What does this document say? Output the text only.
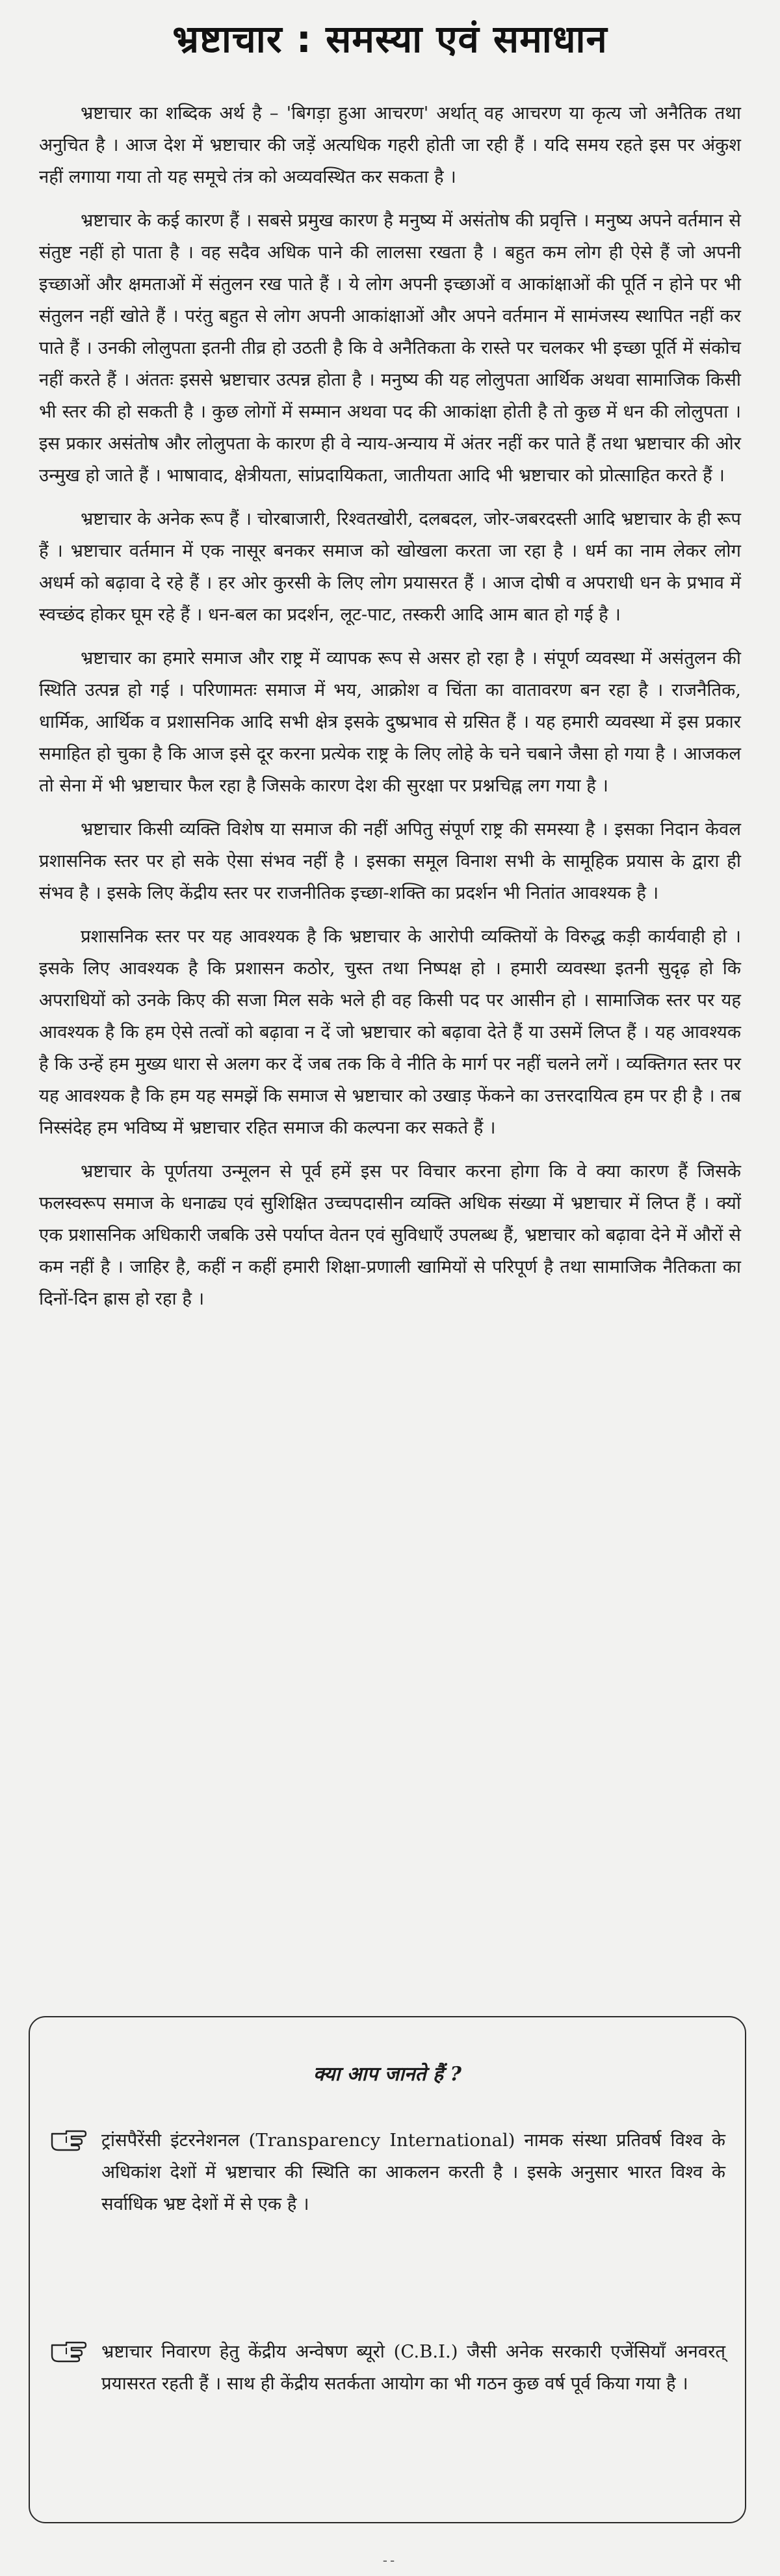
भ्रष्टाचार : समस्या एवं समाधान

भ्रष्टाचार का शब्दिक अर्थ है – 'बिगड़ा हुआ आचरण' अर्थात् वह आचरण या कृत्य जो अनैतिक तथा अनुचित है । आज देश में भ्रष्टाचार की जड़ें अत्यधिक गहरी होती जा रही हैं । यदि समय रहते इस पर अंकुश नहीं लगाया गया तो यह समूचे तंत्र को अव्यवस्थित कर सकता है ।

भ्रष्टाचार के कई कारण हैं । सबसे प्रमुख कारण है मनुष्य में असंतोष की प्रवृत्ति । मनुष्य अपने वर्तमान से संतुष्ट नहीं हो पाता है । वह सदैव अधिक पाने की लालसा रखता है । बहुत कम लोग ही ऐसे हैं जो अपनी इच्छाओं और क्षमताओं में संतुलन रख पाते हैं । ये लोग अपनी इच्छाओं व आकांक्षाओं की पूर्ति न होने पर भी संतुलन नहीं खोते हैं । परंतु बहुत से लोग अपनी आकांक्षाओं और अपने वर्तमान में सामंजस्य स्थापित नहीं कर पाते हैं । उनकी लोलुपता इतनी तीव्र हो उठती है कि वे अनैतिकता के रास्ते पर चलकर भी इच्छा पूर्ति में संकोच नहीं करते हैं । अंततः इससे भ्रष्टाचार उत्पन्न होता है । मनुष्य की यह लोलुपता आर्थिक अथवा सामाजिक किसी भी स्तर की हो सकती है । कुछ लोगों में सम्मान अथवा पद की आकांक्षा होती है तो कुछ में धन की लोलुपता । इस प्रकार असंतोष और लोलुपता के कारण ही वे न्याय-अन्याय में अंतर नहीं कर पाते हैं तथा भ्रष्टाचार की ओर उन्मुख हो जाते हैं । भाषावाद, क्षेत्रीयता, सांप्रदायिकता, जातीयता आदि भी भ्रष्टाचार को प्रोत्साहित करते हैं ।

भ्रष्टाचार के अनेक रूप हैं । चोरबाजारी, रिश्वतखोरी, दलबदल, जोर-जबरदस्ती आदि भ्रष्टाचार के ही रूप हैं । भ्रष्टाचार वर्तमान में एक नासूर बनकर समाज को खोखला करता जा रहा है । धर्म का नाम लेकर लोग अधर्म को बढ़ावा दे रहे हैं । हर ओर कुरसी के लिए लोग प्रयासरत हैं । आज दोषी व अपराधी धन के प्रभाव में स्वच्छंद होकर घूम रहे हैं । धन-बल का प्रदर्शन, लूट-पाट, तस्करी आदि आम बात हो गई है ।

भ्रष्टाचार का हमारे समाज और राष्ट्र में व्यापक रूप से असर हो रहा है । संपूर्ण व्यवस्था में असंतुलन की स्थिति उत्पन्न हो गई । परिणामतः समाज में भय, आक्रोश व चिंता का वातावरण बन रहा है । राजनैतिक, धार्मिक, आर्थिक व प्रशासनिक आदि सभी क्षेत्र इसके दुष्प्रभाव से ग्रसित हैं । यह हमारी व्यवस्था में इस प्रकार समाहित हो चुका है कि आज इसे दूर करना प्रत्येक राष्ट्र के लिए लोहे के चने चबाने जैसा हो गया है । आजकल तो सेना में भी भ्रष्टाचार फैल रहा है जिसके कारण देश की सुरक्षा पर प्रश्नचिह्न लग गया है ।

भ्रष्टाचार किसी व्यक्ति विशेष या समाज की नहीं अपितु संपूर्ण राष्ट्र की समस्या है । इसका निदान केवल प्रशासनिक स्तर पर हो सके ऐसा संभव नहीं है । इसका समूल विनाश सभी के सामूहिक प्रयास के द्वारा ही संभव है । इसके लिए केंद्रीय स्तर पर राजनीतिक इच्छा-शक्ति का प्रदर्शन भी नितांत आवश्यक है ।

प्रशासनिक स्तर पर यह आवश्यक है कि भ्रष्टाचार के आरोपी व्यक्तियों के विरुद्ध कड़ी कार्यवाही हो । इसके लिए आवश्यक है कि प्रशासन कठोर, चुस्त तथा निष्पक्ष हो । हमारी व्यवस्था इतनी सुदृढ़ हो कि अपराधियों को उनके किए की सजा मिल सके भले ही वह किसी पद पर आसीन हो । सामाजिक स्तर पर यह आवश्यक है कि हम ऐसे तत्वों को बढ़ावा न दें जो भ्रष्टाचार को बढ़ावा देते हैं या उसमें लिप्त हैं । यह आवश्यक है कि उन्हें हम मुख्य धारा से अलग कर दें जब तक कि वे नीति के मार्ग पर नहीं चलने लगें । व्यक्तिगत स्तर पर यह आवश्यक है कि हम यह समझें कि समाज से भ्रष्टाचार को उखाड़ फेंकने का उत्तरदायित्व हम पर ही है । तब निस्संदेह हम भविष्य में भ्रष्टाचार रहित समाज की कल्पना कर सकते हैं ।

भ्रष्टाचार के पूर्णतया उन्मूलन से पूर्व हमें इस पर विचार करना होगा कि वे क्या कारण हैं जिसके फलस्वरूप समाज के धनाढ्य एवं सुशिक्षित उच्चपदासीन व्यक्ति अधिक संख्या में भ्रष्टाचार में लिप्त हैं । क्यों एक प्रशासनिक अधिकारी जबकि उसे पर्याप्त वेतन एवं सुविधाएँ उपलब्ध हैं, भ्रष्टाचार को बढ़ावा देने में औरों से कम नहीं है । जाहिर है, कहीं न कहीं हमारी शिक्षा-प्रणाली खामियों से परिपूर्ण है तथा सामाजिक नैतिकता का दिनों-दिन ह्रास हो रहा है ।

क्या आप जानते हैं ?
ट्रांसपैरेंसी इंटरनेशनल (Transparency International) नामक संस्था प्रतिवर्ष विश्व के अधिकांश देशों में भ्रष्टाचार की स्थिति का आकलन करती है । इसके अनुसार भारत विश्व के सर्वाधिक भ्रष्ट देशों में से एक है ।
भ्रष्टाचार निवारण हेतु केंद्रीय अन्वेषण ब्यूरो (C.B.I.) जैसी अनेक सरकारी एजेंसियाँ अनवरत् प्रयासरत रहती हैं । साथ ही केंद्रीय सतर्कता आयोग का भी गठन कुछ वर्ष पूर्व किया गया है ।
--
